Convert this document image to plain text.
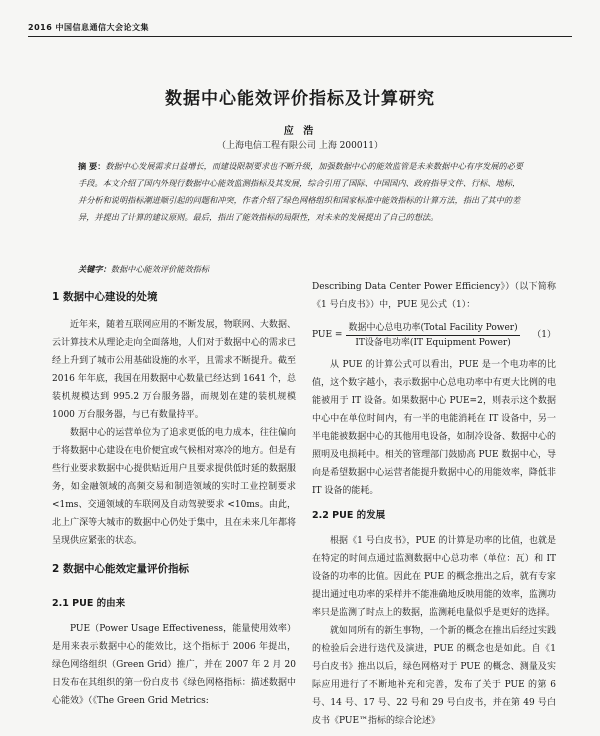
2016 中国信息通信大会论文集
数据中心能效评价指标及计算研究
应 浩
（上海电信工程有限公司 上海 200011）
摘 要：数据中心发展需求日益增长，而建设限制要求也不断升级，加强数据中心的能效监管是未来数据中心有序发展的必要手段。本文介绍了国内外现行数据中心能效监测指标及其发展，综合引用了国际、中国国内、政府指导文件、行标、地标，并分析和说明指标潮进顺引起的问题和冲突，作者介绍了绿色网格组织和国家标准中能效指标的计算方法，指出了其中的差异，并提出了计算的建议原则。最后，指出了能效指标的局限性，对未来的发展提出了自己的想法。
关键字：数据中心能效评价能效指标
1 数据中心建设的处境

近年来，随着互联网应用的不断发展，物联网、大数据、云计算技术从理论走向全面落地，人们对于数据中心的需求已经上升到了城市公用基础设施的水平，且需求不断提升。截至 2016 年年底，我国在用数据中心数量已经达到 1641 个，总装机规模达到 995.2 万台服务器，而规划在建的装机规模 1000 万台服务器，与已有数量持平。

数据中心的运营单位为了追求更低的电力成本，往往偏向于将数据中心建设在电价便宜或气候相对寒冷的地方。但是有些行业要求数据中心提供贴近用户且要求提供低时延的数据服务，如金融领域的高频交易和制造领域的实时工业控制要求 <1ms、交通领域的车联网及自动驾驶要求 <10ms。由此，北上广深等大城市的数据中心仍处于集中，且在未来几年都将呈现供应紧张的状态。

2 数据中心能效定量评价指标
2.1 PUE 的由来

PUE（Power Usage Effectiveness，能量使用效率）是用来表示数据中心的能效比，这个指标于 2006 年提出，绿色网络组织（Green Grid）推广，并在 2007 年 2 月 20 日发布在其组织的第一份白皮书《绿色网格指标：描述数据中心能效》（《The Green Grid Metrics:

Describing Data Center Power Efficiency》）（以下简称《1 号白皮书》）中，PUE 见公式（1）：

PUE = $\frac{\text{数据中心总电功率(Total Facility Power)}}{\text{IT设备电功率(IT Equipment Power)}} (1)$

从 PUE 的计算公式可以看出，PUE 是一个电功率的比值，这个数字越小，表示数据中心总电功率中有更大比例的电能被用于 IT 设备。如果数据中心 PUE=2，则表示这个数据中心中在单位时间内，有一半的电能消耗在 IT 设备中，另一半电能被数据中心的其他用电设备，如制冷设备、数据中心的照明及电损耗中。相关的管理部门鼓励高 PUE 数据中心，导向是希望数据中心运营者能提升数据中心的用能效率，降低非 IT 设备的能耗。

2.2 PUE 的发展

根据《1 号白皮书》，PUE 的计算是功率的比值，也就是在特定的时间点通过监测数据中心总功率（单位：瓦）和 IT 设备的功率的比值。因此在 PUE 的概念推出之后，就有专家提出通过电功率的采样并不能准确地反映用能的效率，监测功率只是监测了时点上的数据，监测耗电量似乎是更好的选择。

就如同所有的新生事物，一个新的概念在推出后经过实践的检验后会进行迭代及演进，PUE 的概念也是如此。自《1 号白皮书》推出以后，绿色网格对于 PUE 的概念、测量及实际应用进行了不断地补充和完善，发布了关于 PUE 的第 6 号、14 号、17 号、22 号和 29 号白皮书，并在第 49 号白皮书《PUE™指标的综合论述》
